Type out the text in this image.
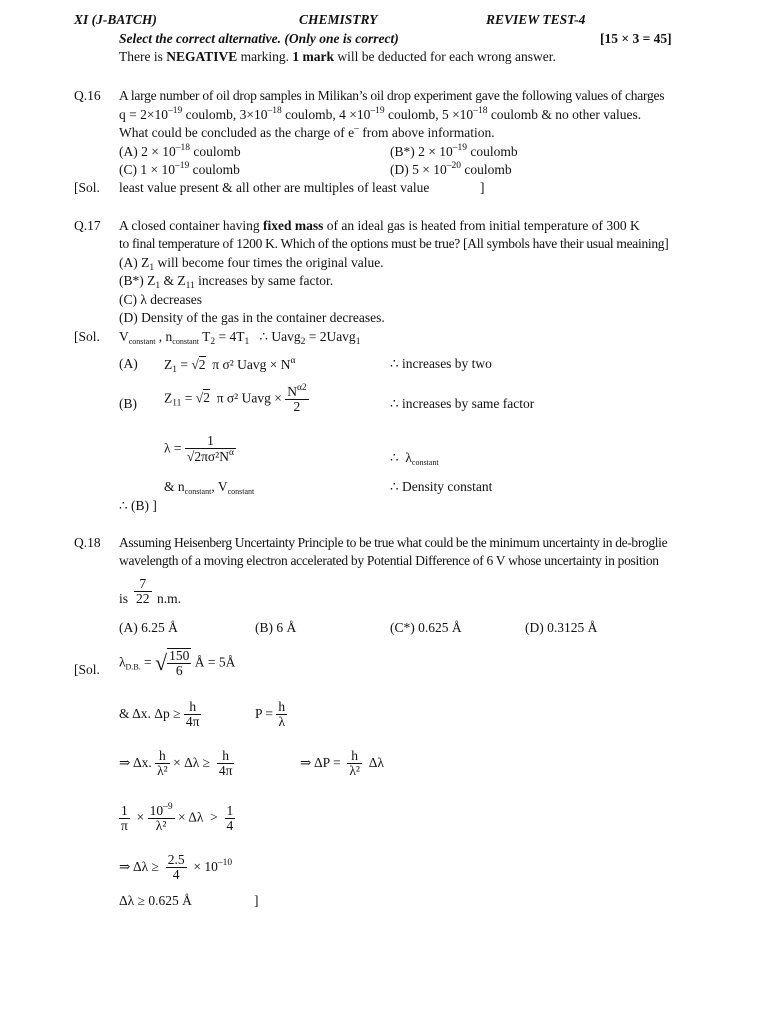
XI (J-BATCH)	CHEMISTRY	REVIEW TEST-4
Select the correct alternative. (Only one is correct)	[15 × 3 = 45]
There is NEGATIVE marking. 1 mark will be deducted for each wrong answer.
Q.16 A large number of oil drop samples in Milikan’s oil drop experiment gave the following values of charges
$q = 2\times 10^{-19}$ coulomb, $3\times 10^{-18}$ coulomb, $4 \times 10^{-19}$ coulomb, $5 \times 10^{-18}$ coulomb & no other values.
What could be concluded as the charge of e– from above information.
(A) $2 \times 10^{-18}$ coulomb	(B*) $2 \times 10^{-19}$ coulomb
(C) $1 \times 10^{-19}$ coulomb	(D) $5 \times 10^{-20}$ coulomb
[Sol. least value present & all other are multiples of least value	]
Q.17 A closed container having fixed mass of an ideal gas is heated from initial temperature of 300 K
to final temperature of 1200 K. Which of the options must be true? [All symbols have their usual meaining]
(A) $Z_1$ will become four times the original value.
(B*) $Z_1$ & $Z_{11}$ increases by same factor.
(C) λ decreases
(D) Density of the gas in the container decreases.
[Sol. $V_{constant}$ , $n_{constant}$ $T_2 = 4T_1$   ∴ Uavg$_2$ = 2Uavg$_1$
(A) $Z_1 = √2$  π σ² Uavg × $N^\alpha$	∴ increases by two
(B) $Z_{11} = √2$  π σ² Uavg × $\frac{N^{\alpha 2}}{2}$	∴ increases by same factor
$\lambda = \frac{1}{√2\pi\sigma^2N^\alpha}$	∴  $\lambda_{constant}$
& $n_{constant}$, $V_{constant}$	∴ Density constant
∴ (B) ]
Q.18 Assuming Heisenberg Uncertainty Principle to be true what could be the minimum uncertainty in de-broglie
wavelength of a moving electron accelerated by Potential Difference of 6 V whose uncertainty in position
is $\frac{7}{22} n.m$.
(A) 6.25 Å	(B) 6 Å	(C*) 0.625 Å	(D) 0.3125 Å
[Sol.
$\lambda_{D.B.}$ = √ $\frac{150}{6}$ Å = 5Å
& Δx. $\Delta p \ge \frac{h}{4\pi}$	$P = \frac{h}{\lambda}$
⇒ Δx. $\frac{h}{\text{λ²}} \times \Delta\lambda \ge \frac{h}{4\pi}$	⇒ $\Delta P = \frac{h}{\text{λ²}}$ Δλ
$\frac{1}{\pi} \times \frac{10^{-9}}{\text{λ²}} \times \Delta\lambda > \frac{1}{4}$
⇒ $\Delta\lambda \ge \frac{2.5}{4} \times 10^{-10}$
Δλ ≥ 0.625 Å	]
